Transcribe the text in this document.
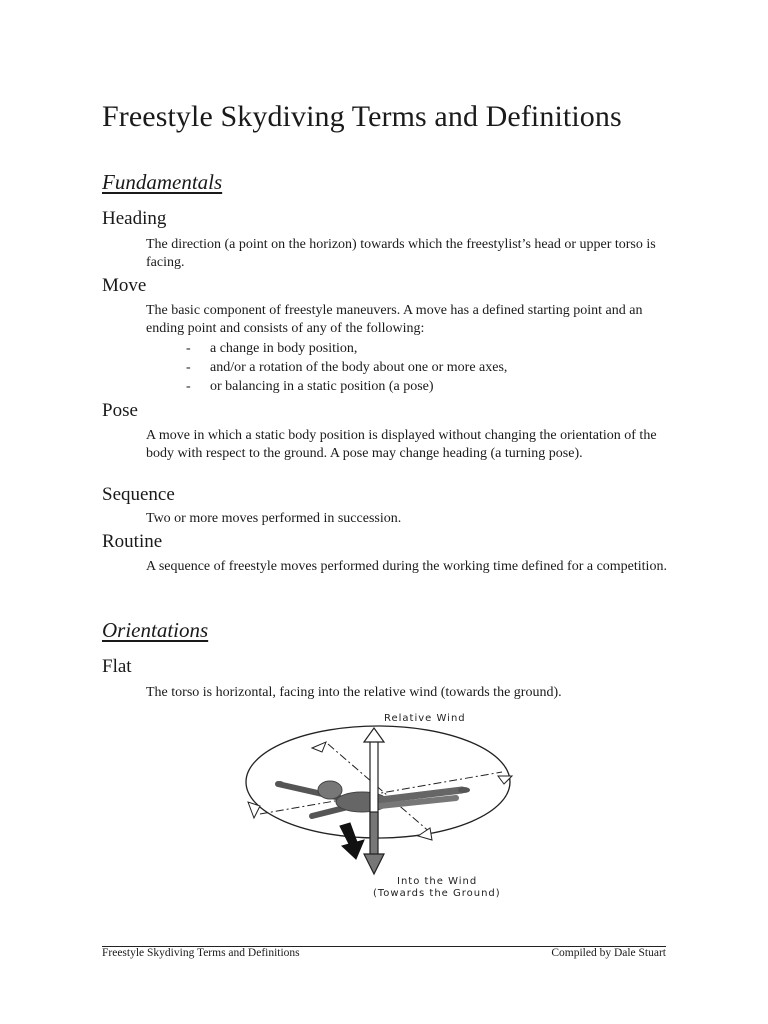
Freestyle Skydiving Terms and Definitions
Fundamentals
Heading

The direction (a point on the horizon) towards which the freestylist’s head or upper torso is facing.

Move

The basic component of freestyle maneuvers. A move has a defined starting point and an ending point and consists of any of the following:

- a change in body position,
- and/or a rotation of the body about one or more axes,
- or balancing in a static position (a pose)
Pose

A move in which a static body position is displayed without changing the orientation of the body with respect to the ground. A pose may change heading (a turning pose).

Sequence

Two or more moves performed in succession.

Routine

A sequence of freestyle moves performed during the working time defined for a competition.

Orientations
Flat

The torso is horizontal, facing into the relative wind (towards the ground).

Relative Wind
Into the Wind
(Towards the Ground)
Freestyle Skydiving Terms and Definitions	Compiled by Dale Stuart
